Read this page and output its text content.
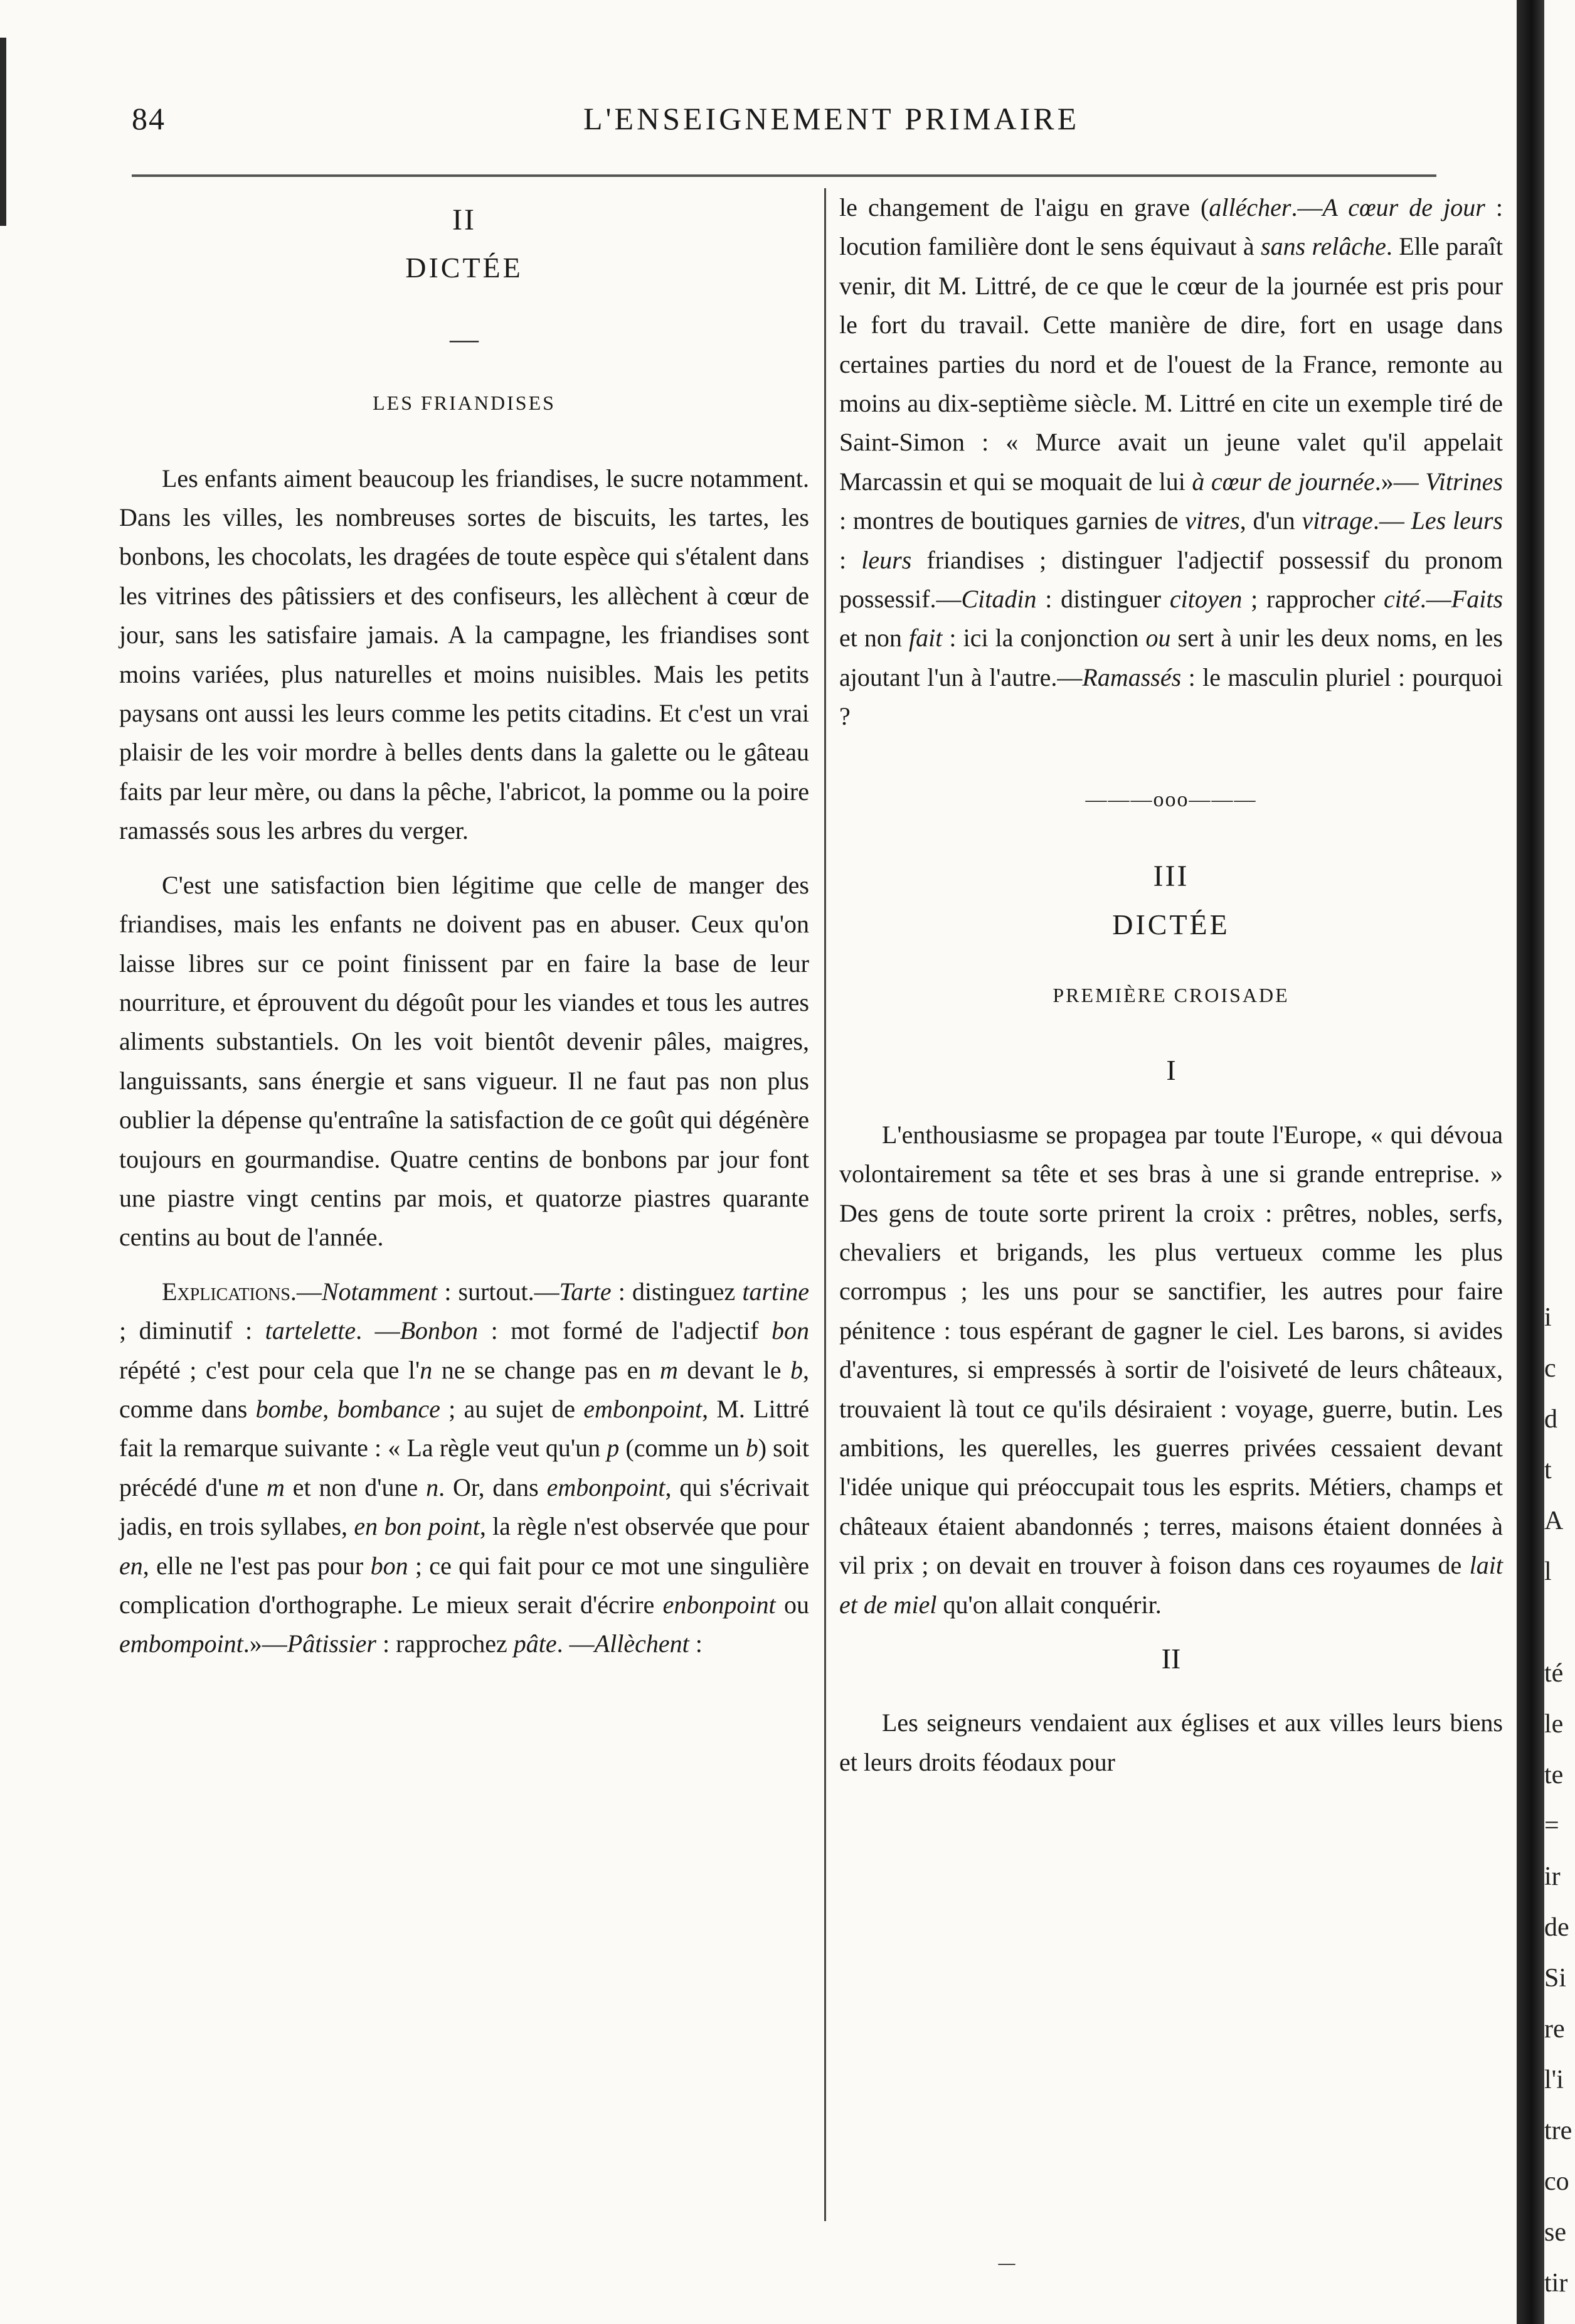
84	L'ENSEIGNEMENT PRIMAIRE
II
DICTÉE
—
LES FRIANDISES

Les enfants aiment beaucoup les friandises, le sucre notamment. Dans les villes, les nombreuses sortes de biscuits, les tartes, les bonbons, les chocolats, les dragées de toute espèce qui s'étalent dans les vitrines des pâtissiers et des confiseurs, les allèchent à cœur de jour, sans les satisfaire jamais. A la campagne, les friandises sont moins variées, plus naturelles et moins nuisibles. Mais les petits paysans ont aussi les leurs comme les petits citadins. Et c'est un vrai plaisir de les voir mordre à belles dents dans la galette ou le gâteau faits par leur mère, ou dans la pêche, l'abricot, la pomme ou la poire ramassés sous les arbres du verger.

C'est une satisfaction bien légitime que celle de manger des friandises, mais les enfants ne doivent pas en abuser. Ceux qu'on laisse libres sur ce point finissent par en faire la base de leur nourriture, et éprouvent du dégoût pour les viandes et tous les autres aliments substantiels. On les voit bientôt devenir pâles, maigres, languissants, sans énergie et sans vigueur. Il ne faut pas non plus oublier la dépense qu'entraîne la satisfaction de ce goût qui dégénère toujours en gourmandise. Quatre centins de bonbons par jour font une piastre vingt centins par mois, et quatorze piastres quarante centins au bout de l'année.

Explications.—Notamment : surtout.—Tarte : distinguez tartine ; diminutif : tartelette. —Bonbon : mot formé de l'adjectif bon répété ; c'est pour cela que l'n ne se change pas en m devant le b, comme dans bombe, bombance ; au sujet de embonpoint, M. Littré fait la remarque suivante : « La règle veut qu'un p (comme un b) soit précédé d'une m et non d'une n. Or, dans embonpoint, qui s'écrivait jadis, en trois syllabes, en bon point, la règle n'est observée que pour en, elle ne l'est pas pour bon ; ce qui fait pour ce mot une singulière complication d'orthographe. Le mieux serait d'écrire enbonpoint ou embompoint.»—Pâtissier : rapprochez pâte. —Allèchent :

le changement de l'aigu en grave (allécher.—A cœur de jour : locution familière dont le sens équivaut à sans relâche. Elle paraît venir, dit M. Littré, de ce que le cœur de la journée est pris pour le fort du travail. Cette manière de dire, fort en usage dans certaines parties du nord et de l'ouest de la France, remonte au moins au dix-septième siècle. M. Littré en cite un exemple tiré de Saint-Simon : « Murce avait un jeune valet qu'il appelait Marcassin et qui se moquait de lui à cœur de journée.»— Vitrines : montres de boutiques garnies de vitres, d'un vitrage.— Les leurs : leurs friandises ; distinguer l'adjectif possessif du pronom possessif.—Citadin : distinguer citoyen ; rapprocher cité.—Faits et non fait : ici la conjonction ou sert à unir les deux noms, en les ajoutant l'un à l'autre.—Ramassés : le masculin pluriel : pourquoi ?

———ooo———
III
DICTÉE
PREMIÈRE CROISADE
I

L'enthousiasme se propagea par toute l'Europe, « qui dévoua volontairement sa tête et ses bras à une si grande entreprise. » Des gens de toute sorte prirent la croix : prêtres, nobles, serfs, chevaliers et brigands, les plus vertueux comme les plus corrompus ; les uns pour se sanctifier, les autres pour faire pénitence : tous espérant de gagner le ciel. Les barons, si avides d'aventures, si empressés à sortir de l'oisiveté de leurs châteaux, trouvaient là tout ce qu'ils désiraient : voyage, guerre, butin. Les ambitions, les querelles, les guerres privées cessaient devant l'idée unique qui préoccupait tous les esprits. Métiers, champs et châteaux étaient abandonnés ; terres, maisons étaient données à vil prix ; on devait en trouver à foison dans ces royaumes de lait et de miel qu'on allait conquérir.

II

Les seigneurs vendaient aux églises et aux villes leurs biens et leurs droits féodaux pour

i
c
d
t
A
l
té
le
te
=
ir
de
Si
re
l'i
tre
co
se
tir
—
